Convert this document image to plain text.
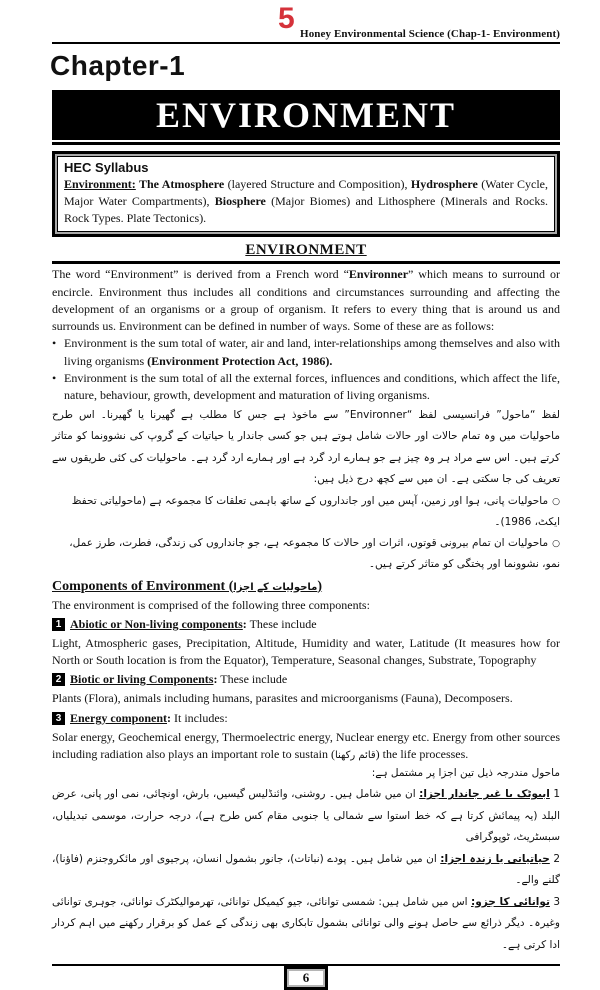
5 Honey Environmental Science (Chap-1- Environment)
Chapter-1
ENVIRONMENT
HEC Syllabus
Environment: The Atmosphere (layered Structure and Composition), Hydrosphere (Water Cycle, Major Water Compartments), Biosphere (Major Biomes) and Lithosphere (Minerals and Rocks. Rock Types. Plate Tectonics).
ENVIRONMENT
The word “Environment” is derived from a French word “Environner” which means to surround or encircle. Environment thus includes all conditions and circumstances surrounding and affecting the development of an organisms or a group of organism. It refers to every thing that is around us and surrounds us. Environment can be defined in number of ways. Some of these are as follows:
• Environment is the sum total of water, air and land, inter-relationships among themselves and also with living organisms (Environment Protection Act, 1986).
• Environment is the sum total of all the external forces, influences and conditions, which affect the life, nature, behaviour, growth, development and maturation of living organisms.
لفظ “ماحول” فرانسیسی لفظ “Environner” سے ماخوذ ہے جس کا مطلب ہے گھیرنا یا گھیرنا۔ اس طرح ماحولیات میں وہ تمام حالات اور حالات شامل ہوتے ہیں جو کسی جاندار یا حیاتیات کے گروپ کی نشوونما کو متاثر کرتے ہیں۔ اس سے مراد ہر وہ چیز ہے جو ہمارے ارد گرد ہے اور ہمارے ارد گرد ہے۔ ماحولیات کی کئی طریقوں سے تعریف کی جا سکتی ہے۔ ان میں سے کچھ درج ذیل ہیں:
○ماحولیات پانی، ہوا اور زمین، آپس میں اور جانداروں کے ساتھ باہمی تعلقات کا مجموعہ ہے (ماحولیاتی تحفظ ایکٹ، 1986)۔
○ماحولیات ان تمام بیرونی قوتوں، اثرات اور حالات کا مجموعہ ہے، جو جانداروں کی زندگی، فطرت، طرز عمل، نمو، نشوونما اور پختگی کو متاثر کرتے ہیں۔
Components of Environment (ماحولیات کے اجزا)
The environment is comprised of the following three components:
1 Abiotic or Non-living components: These include
Light, Atmospheric gases, Precipitation, Altitude, Humidity and water, Latitude (It measures how for North or South location is from the Equator), Temperature, Seasonal changes, Substrate, Topography
2 Biotic or living Components: These include
Plants (Flora), animals including humans, parasites and microorganisms (Fauna), Decomposers.
3 Energy component: It includes:
Solar energy, Geochemical energy, Thermoelectric energy, Nuclear energy etc. Energy from other sources including radiation also plays an important role to sustain (قائم رکھنا) the life processes.
ماحول مندرجہ ذیل تین اجزا پر مشتمل ہے:
1 ابیوٹک یا غیر جاندار اجزا: ان میں شامل ہیں۔ روشنی، وائنڈلیس گیسیں، بارش، اونچائی، نمی اور پانی، عرض البلد (یہ پیمائش کرتا ہے کہ خط استوا سے شمالی یا جنوبی مقام کس طرح ہے)، درجہ حرارت، موسمی تبدیلیاں، سبسٹریٹ، ٹوپوگرافی
2 حیاتیاتی یا زندہ اجزا: ان میں شامل ہیں۔ پودے (نباتات)، جانور بشمول انسان، پرجیوی اور مائکروجنزم (فاؤنا)، گلنے والے۔
3 توانائی کا جزو: اس میں شامل ہیں: شمسی توانائی، جیو کیمیکل توانائی، تھرموالیکٹرک توانائی، جوہری توانائی وغیرہ۔ دیگر ذرائع سے حاصل ہونے والی توانائی بشمول تابکاری بھی زندگی کے عمل کو برقرار رکھنے میں اہم کردار ادا کرتی ہے۔
6
